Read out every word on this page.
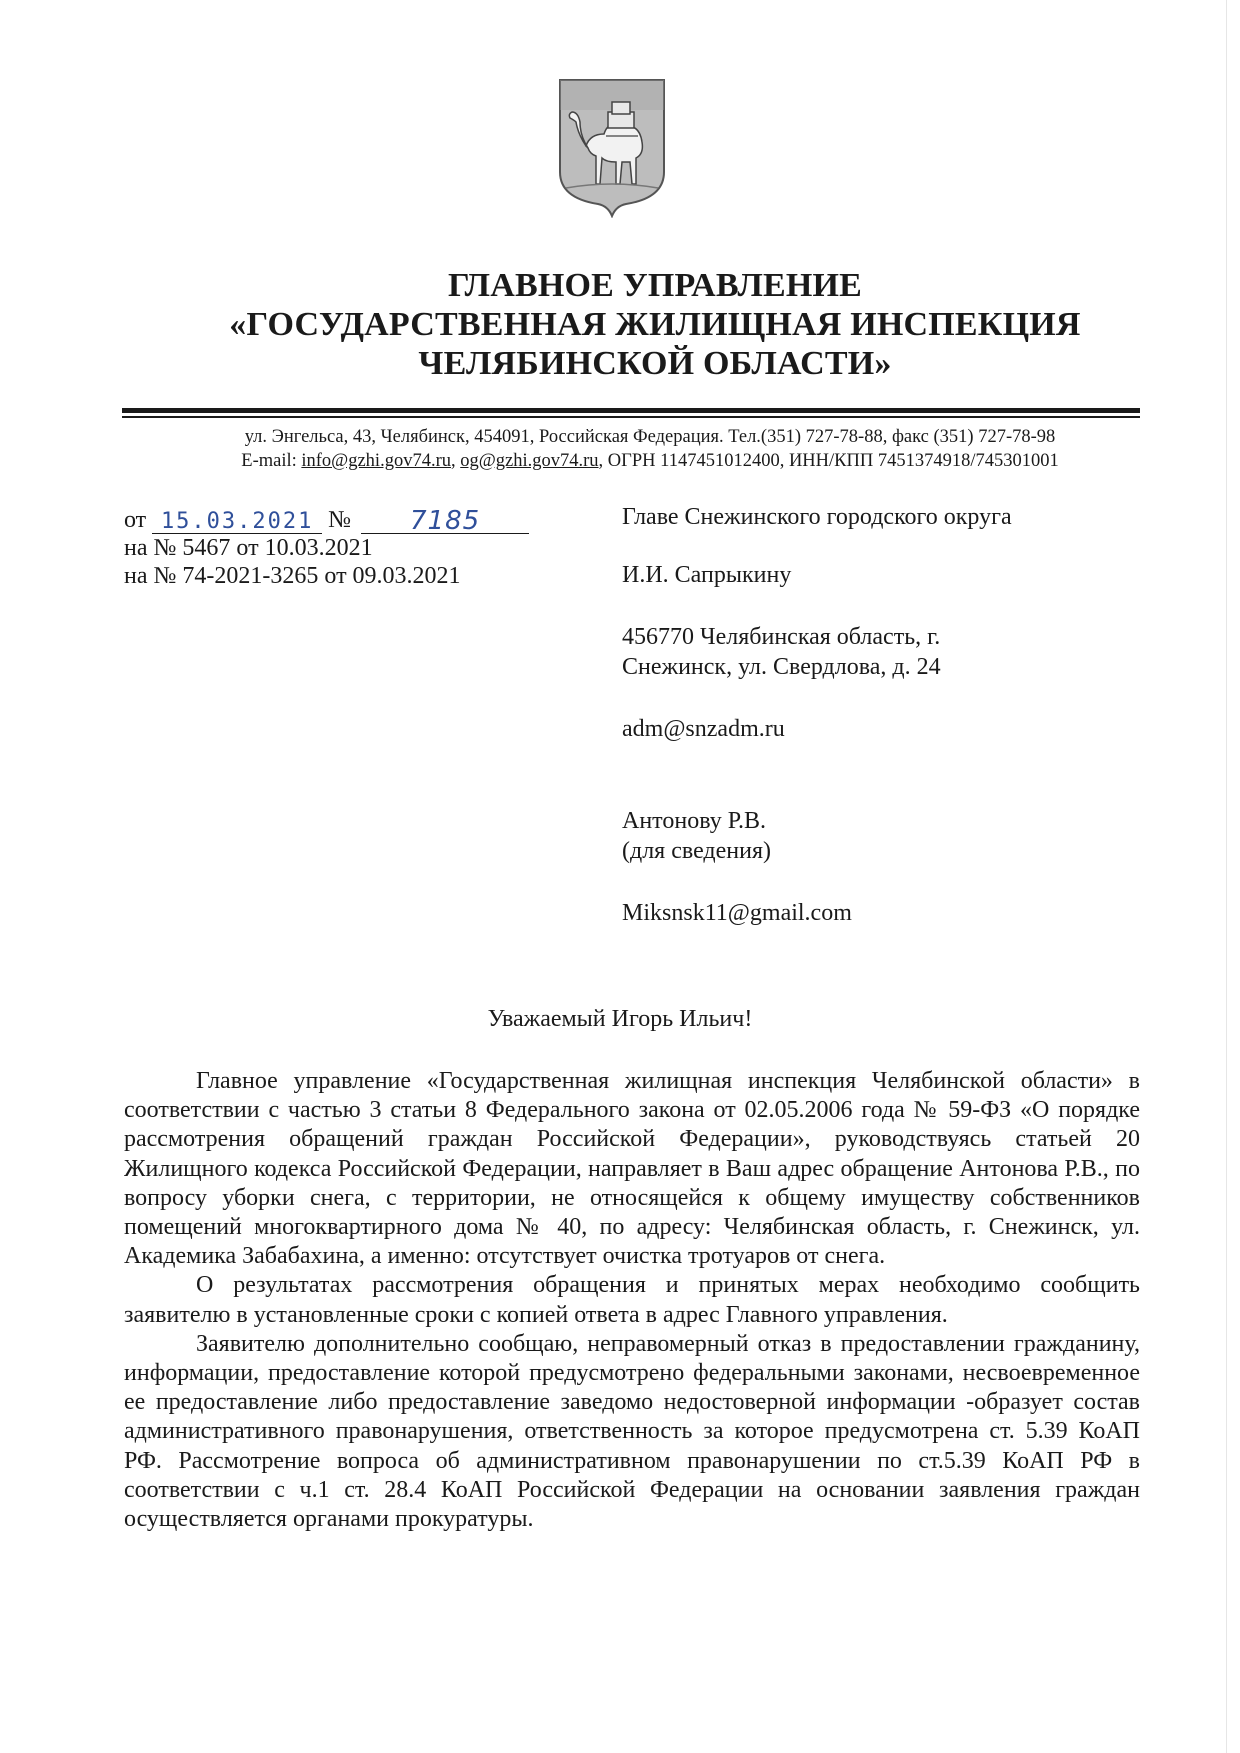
ГЛАВНОЕ УПРАВЛЕНИЕ
«ГОСУДАРСТВЕННАЯ ЖИЛИЩНАЯ ИНСПЕКЦИЯ
ЧЕЛЯБИНСКОЙ ОБЛАСТИ»
ул. Энгельса, 43, Челябинск, 454091, Российская Федерация. Тел.(351) 727-78-88, факс (351) 727-78-98
E-mail: info@gzhi.gov74.ru, og@gzhi.gov74.ru, ОГРН 1147451012400, ИНН/КПП 7451374918/745301001
от 15.03.2021 № 7185
на № 5467 от 10.03.2021
на № 74-2021-3265 от 09.03.2021
Главе Снежинского городского округа
И.И. Сапрыкину
456770 Челябинская область, г.
Снежинск, ул. Свердлова, д. 24
adm@snzadm.ru
Антонову Р.В.
(для сведения)
Miksnsk11@gmail.com
Уважаемый Игорь Ильич!

Главное управление «Государственная жилищная инспекция Челябинской области» в соответствии с частью 3 статьи 8 Федерального закона от 02.05.2006 года № 59-ФЗ «О порядке рассмотрения обращений граждан Российской Федерации», руководствуясь статьей 20 Жилищного кодекса Российской Федерации, направляет в Ваш адрес обращение Антонова Р.В., по вопросу уборки снега, с территории, не относящейся к общему имуществу собственников помещений многоквартирного дома № 40, по адресу: Челябинская область, г. Снежинск, ул. Академика Забабахина, а именно: отсутствует очистка тротуаров от снега.

О результатах рассмотрения обращения и принятых мерах необходимо сообщить заявителю в установленные сроки с копией ответа в адрес Главного управления.

Заявителю дополнительно сообщаю, неправомерный отказ в предоставлении гражданину, информации, предоставление которой предусмотрено федеральными законами, несвоевременное ее предоставление либо предоставление заведомо недостоверной информации -образует состав административного правонарушения, ответственность за которое предусмотрена ст. 5.39 КоАП РФ. Рассмотрение вопроса об административном правонарушении по ст.5.39 КоАП РФ в соответствии с ч.1 ст. 28.4 КоАП Российской Федерации на основании заявления граждан осуществляется органами прокуратуры.
